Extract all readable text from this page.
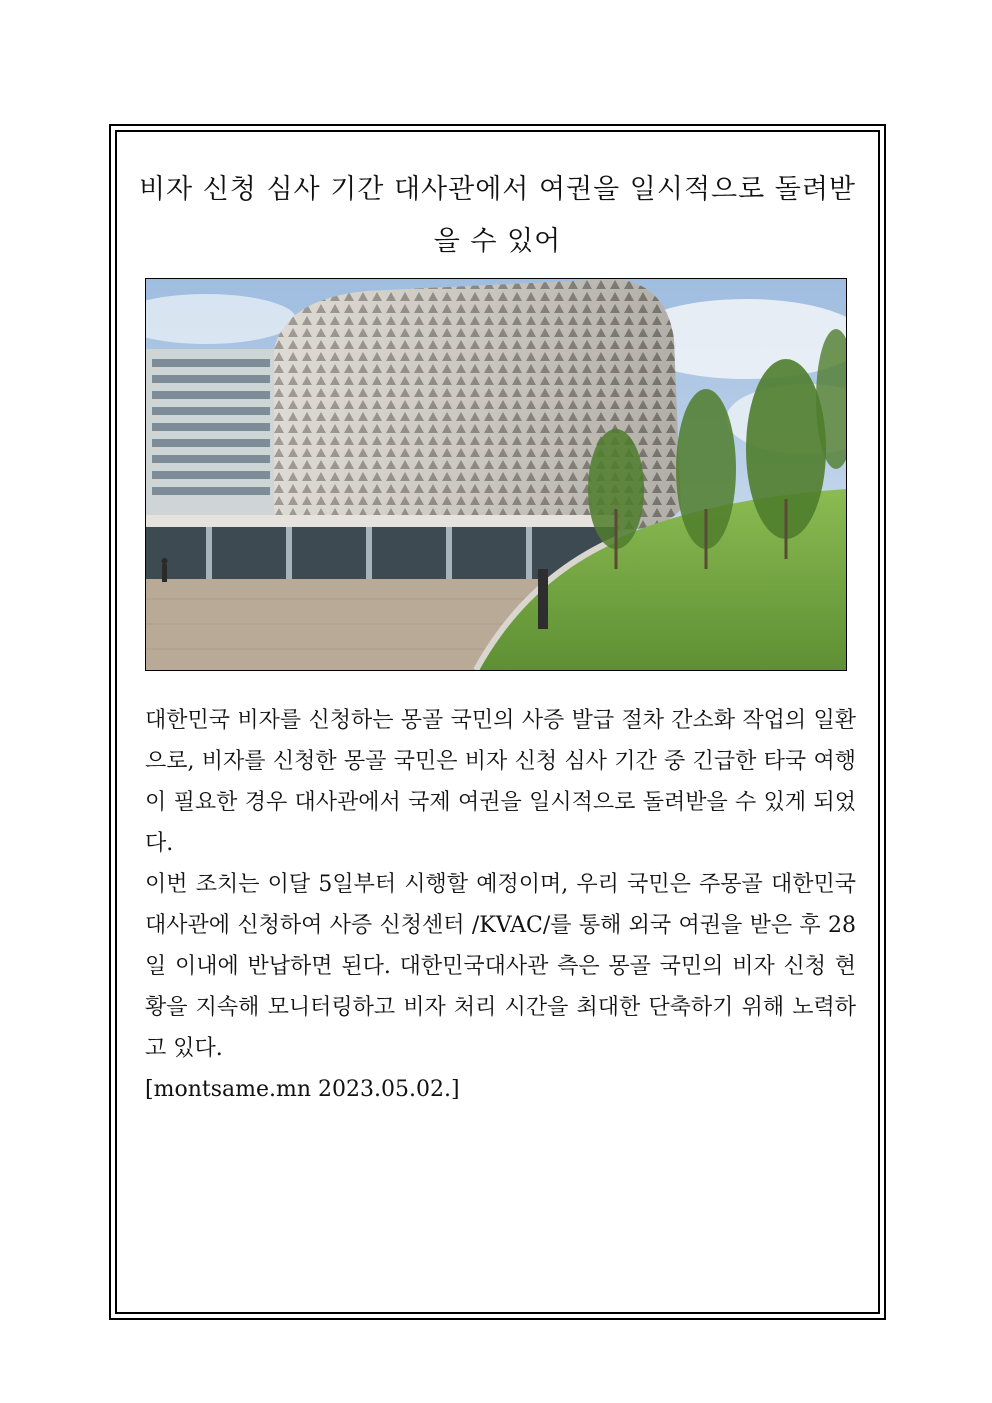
비자 신청 심사 기간 대사관에서 여권을 일시적으로 돌려받을 수 있어

대한민국 비자를 신청하는 몽골 국민의 사증 발급 절차 간소화 작업의 일환으로, 비자를 신청한 몽골 국민은 비자 신청 심사 기간 중 긴급한 타국 여행이 필요한 경우 대사관에서 국제 여권을 일시적으로 돌려받을 수 있게 되었다.

이번 조치는 이달 5일부터 시행할 예정이며, 우리 국민은 주몽골 대한민국대사관에 신청하여 사증 신청센터 /KVAC/를 통해 외국 여권을 받은 후 28일 이내에 반납하면 된다. 대한민국대사관 측은 몽골 국민의 비자 신청 현황을 지속해 모니터링하고 비자 처리 시간을 최대한 단축하기 위해 노력하고 있다.

[montsame.mn 2023.05.02.]
